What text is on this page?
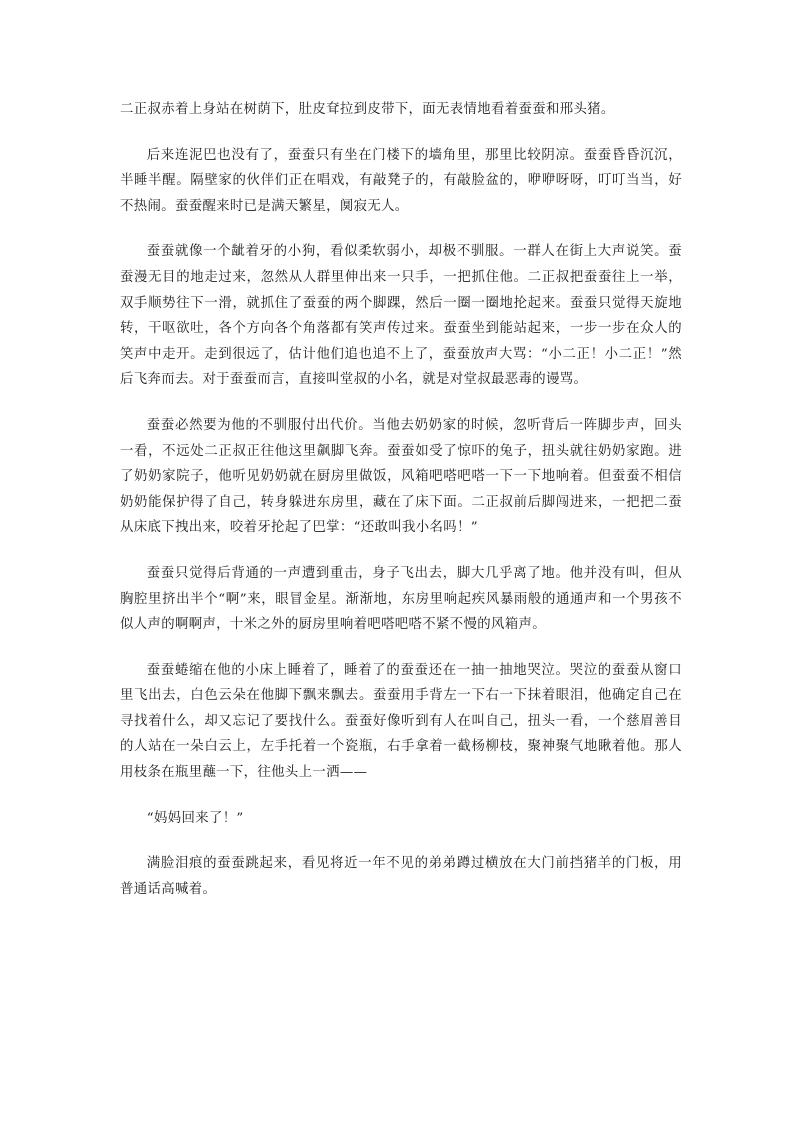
二正叔赤着上身站在树荫下，肚皮耷拉到皮带下，面无表情地看着蚕蚕和邢头猪。

后来连泥巴也没有了，蚕蚕只有坐在门楼下的墙角里，那里比较阴凉。蚕蚕昏昏沉沉，半睡半醒。隔壁家的伙伴们正在唱戏，有敲凳子的，有敲脸盆的，咿咿呀呀，叮叮当当，好不热闹。蚕蚕醒来时已是满天繁星，阒寂无人。

蚕蚕就像一个龇着牙的小狗，看似柔软弱小，却极不驯服。一群人在街上大声说笑。蚕蚕漫无目的地走过来，忽然从人群里伸出来一只手，一把抓住他。二正叔把蚕蚕往上一举，双手顺势往下一滑，就抓住了蚕蚕的两个脚踝，然后一圈一圈地抡起来。蚕蚕只觉得天旋地转，干呕欲吐，各个方向各个角落都有笑声传过来。蚕蚕坐到能站起来，一步一步在众人的笑声中走开。走到很远了，估计他们追也追不上了，蚕蚕放声大骂：“小二正！小二正！”然后飞奔而去。对于蚕蚕而言，直接叫堂叔的小名，就是对堂叔最恶毒的谩骂。

蚕蚕必然要为他的不驯服付出代价。当他去奶奶家的时候，忽听背后一阵脚步声，回头一看，不远处二正叔正往他这里飙脚飞奔。蚕蚕如受了惊吓的兔子，扭头就往奶奶家跑。进了奶奶家院子，他听见奶奶就在厨房里做饭，风箱吧嗒吧嗒一下一下地响着。但蚕蚕不相信奶奶能保护得了自己，转身躲进东房里，藏在了床下面。二正叔前后脚闯进来，一把把二蚕从床底下拽出来，咬着牙抡起了巴掌：“还敢叫我小名吗！”

蚕蚕只觉得后背通的一声遭到重击，身子飞出去，脚大几乎离了地。他并没有叫，但从胸腔里挤出半个“啊”来，眼冒金星。渐渐地，东房里响起疾风暴雨般的通通声和一个男孩不似人声的啊啊声，十米之外的厨房里响着吧嗒吧嗒不紧不慢的风箱声。

蚕蚕蜷缩在他的小床上睡着了，睡着了的蚕蚕还在一抽一抽地哭泣。哭泣的蚕蚕从窗口里飞出去，白色云朵在他脚下飘来飘去。蚕蚕用手背左一下右一下抹着眼泪，他确定自己在寻找着什么，却又忘记了要找什么。蚕蚕好像听到有人在叫自己，扭头一看，一个慈眉善目的人站在一朵白云上，左手托着一个瓷瓶，右手拿着一截杨柳枝，聚神聚气地瞅着他。那人用枝条在瓶里蘸一下，往他头上一洒——

“妈妈回来了！”

满脸泪痕的蚕蚕跳起来，看见将近一年不见的弟弟蹲过横放在大门前挡猪羊的门板，用普通话高喊着。
